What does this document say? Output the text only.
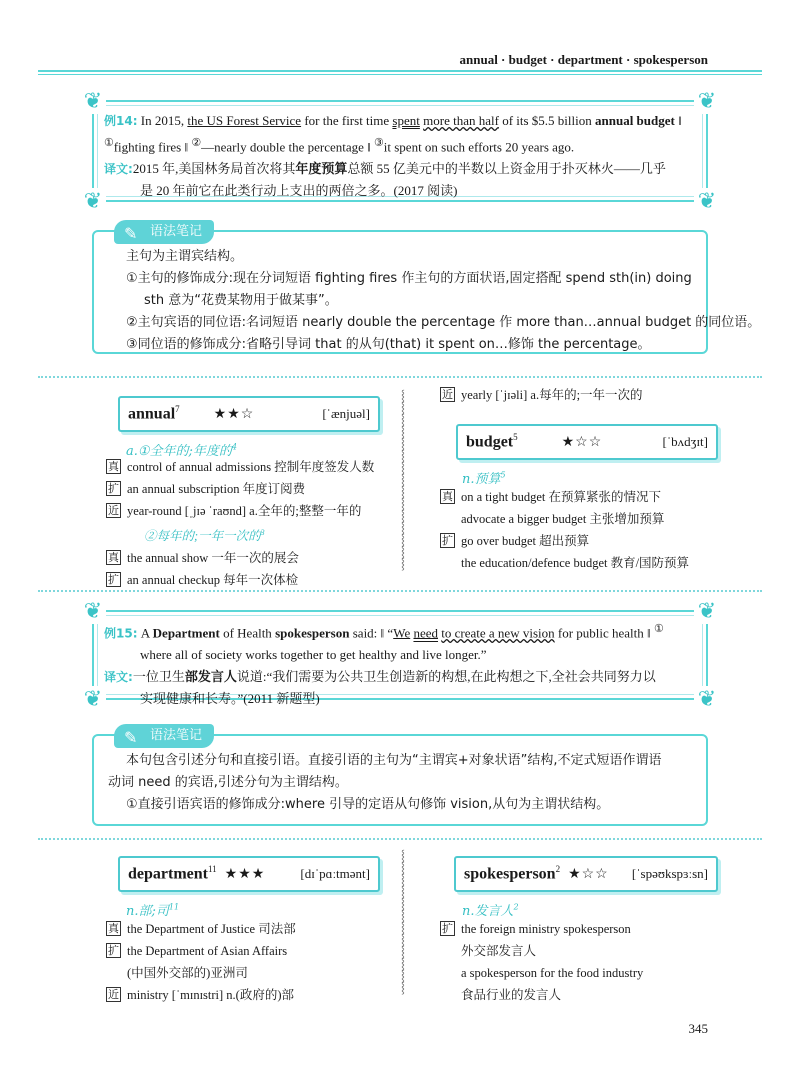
annual · budget · department · spokesperson
❦	❦
❦	❦
例14: In 2015, the US Forest Service for the first time spent more than half of its $5.5 billion annual budget ‖ ①fighting fires ‖ ②—nearly double the percentage ‖ ③it spent on such efforts 20 years ago.
译文:2015 年,美国林务局首次将其年度预算总额 55 亿美元中的半数以上资金用于扑灭林火——几乎
是 20 年前它在此类行动上支出的两倍之多。(2017 阅读)
✎ 语法笔记

主句为主谓宾结构。

①主句的修饰成分:现在分词短语 fighting fires 作主句的方面状语,固定搭配 spend sth(in) doing

sth 意为“花费某物用于做某事”。

②主句宾语的同位语:名词短语 nearly double the percentage 作 more than…annual budget 的同位语。

③同位语的修饰成分:省略引导词 that 的从句(that) it spent on…修饰 the percentage。

⸾
⸾
⸾
⸾
⸾
⸾
⸾
⸾
⸾
⸾
⸾
⸾
⸾
⸾
⸾
annual$^7$ ★★☆	[ˈænjuəl]
a.①全年的;年度的$^4$
真 control of annual admissions 控制年度签发人数
扩 an annual subscription 年度订阅费
近 year-round [ˌjɪə ˈraʊnd] a.全年的;整整一年的
②每年的;一年一次的$^3$
真 the annual show 一年一次的展会
扩 an annual checkup 每年一次体检
近 yearly [ˈjɪəli] a.每年的;一年一次的
budget$^5$	★☆☆	[ˈbʌdʒɪt]
n.预算$^5$
真 on a tight budget 在预算紧张的情况下
advocate a bigger budget 主张增加预算
扩 go over budget 超出预算
the education/defence budget 教育/国防预算
❦	❦
❦	❦
例15: A Department of Health spokesperson said: ‖ “We need to create a new vision for public health ‖ ①
where all of society works together to get healthy and live longer.”
译文:一位卫生部发言人说道:“我们需要为公共卫生创造新的构想,在此构想之下,全社会共同努力以
实现健康和长寿。”(2011 新题型)
✎ 语法笔记

本句包含引述分句和直接引语。直接引语的主句为“主谓宾+对象状语”结构,不定式短语作谓语

动词 need 的宾语,引述分句为主谓结构。

①直接引语宾语的修饰成分:where 引导的定语从句修饰 vision,从句为主谓状结构。

⸾
⸾
⸾
⸾
⸾
⸾
⸾
⸾
⸾
⸾
⸾
⸾
department$^{11}$ ★★★	[dɪˈpɑːtmənt]
n.部;司$^{11}$
真 the Department of Justice 司法部
扩 the Department of Asian Affairs
(中国外交部的)亚洲司
近 ministry [ˈmɪnɪstri] n.(政府的)部
spokesperson$^2$ ★☆☆ [ˈspəʊkspɜːsn]
n.发言人$^2$
扩 the foreign ministry spokesperson
外交部发言人
a spokesperson for the food industry
食品行业的发言人
345
